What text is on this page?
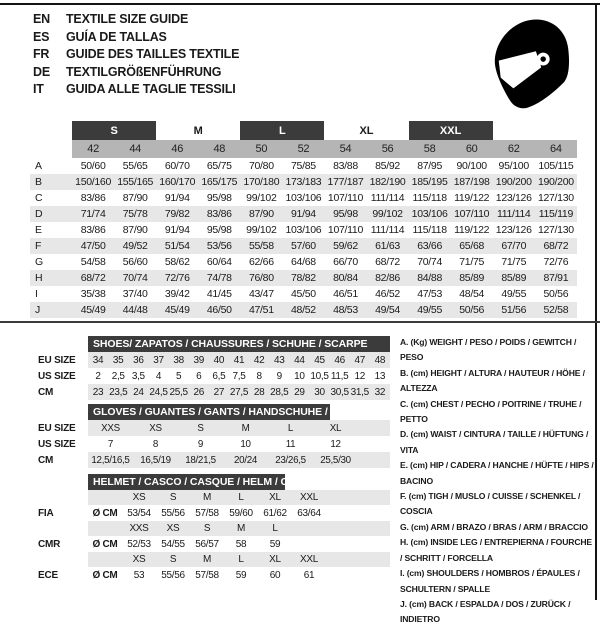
EN	TEXTILE SIZE GUIDE
ES	GUÍA DE TALLAS
FR	GUIDE DES TAILLES TEXTILE
DE	TEXTILGRÖßENFÜHRUNG
IT	GUIDA ALLE TAGLIE TESSILI
	S		M		L		XL		XXL			
	42	44	46	48	50	52	54	56	58	60	62	64
A	50/60	55/65	60/70	65/75	70/80	75/85	83/88	85/92	87/95	90/100	95/100	105/115
B	150/160	155/165	160/170	165/175	170/180	173/183	177/187	182/190	185/195	187/198	190/200	190/200
C	83/86	87/90	91/94	95/98	99/102	103/106	107/110	111/114	115/118	119/122	123/126	127/130
D	71/74	75/78	79/82	83/86	87/90	91/94	95/98	99/102	103/106	107/110	111/114	115/119
E	83/86	87/90	91/94	95/98	99/102	103/106	107/110	111/114	115/118	119/122	123/126	127/130
F	47/50	49/52	51/54	53/56	55/58	57/60	59/62	61/63	63/66	65/68	67/70	68/72
G	54/58	56/60	58/62	60/64	62/66	64/68	66/70	68/72	70/74	71/75	71/75	72/76
H	68/72	70/74	72/76	74/78	76/80	78/82	80/84	82/86	84/88	85/89	85/89	87/91
I	35/38	37/40	39/42	41/45	43/47	45/50	46/51	46/52	47/53	48/54	49/55	50/56
J	45/49	44/48	45/49	46/50	47/51	48/52	48/53	49/54	49/55	50/56	51/56	52/58
SHOES/ ZAPATOS / CHAUSSURES / SCHUHE / SCARPE
EU SIZE	34 35 36 37 38 39 40 41 42 43 44 45 46 47 48
US SIZE	2	2,5 3,5	4	5	6	6,5 7,5	8	9	10 10,5 11,5 12 13
CM	23 23,5 24 24,5 25,5 26 27 27,5 28 28,5 29 30 30,5 31,5 32
GLOVES / GUANTES / GANTS / HANDSCHUHE / GUANTI
EU SIZE	XXS	XS	S	M	L	XL
US SIZE	7	8	9	10	11	12
CM	12,5/16,5	16,5/19	18/21,5	20/24	23/26,5	25,5/30
HELMET / CASCO / CASQUE / HELM / CASCO
XS	S	M	L	XL	XXL
FIA	Ø CM 53/54	55/56	57/58	59/60	61/62	63/64
XXS	XS	S	M	L
CMR	Ø CM 52/53	54/55	56/57	58	59
XS	S	M	L	XL	XXL
ECE	Ø CM	53	55/56	57/58	59	60	61
A. (Kg) WEIGHT / PESO / POIDS / GEWITCH / PESO
B. (cm) HEIGHT / ALTURA / HAUTEUR / HÖHE / ALTEZZA
C. (cm) CHEST / PECHO / POITRINE / TRUHE / PETTO
D. (cm) WAIST / CINTURA / TAILLE / HÜFTUNG / VITA
E. (cm) HIP / CADERA / HANCHE / HÜFTE / HIPS / BACINO
F. (cm) TIGH / MUSLO / CUISSE / SCHENKEL / COSCIA
G. (cm) ARM / BRAZO / BRAS / ARM / BRACCIO
H. (cm) INSIDE LEG / ENTREPIERNA / FOURCHE / SCHRITT / FORCELLA
I. (cm) SHOULDERS / HOMBROS / ÉPAULES / SCHULTERN / SPALLE
J. (cm) BACK / ESPALDA / DOS / ZURÜCK / INDIETRO
